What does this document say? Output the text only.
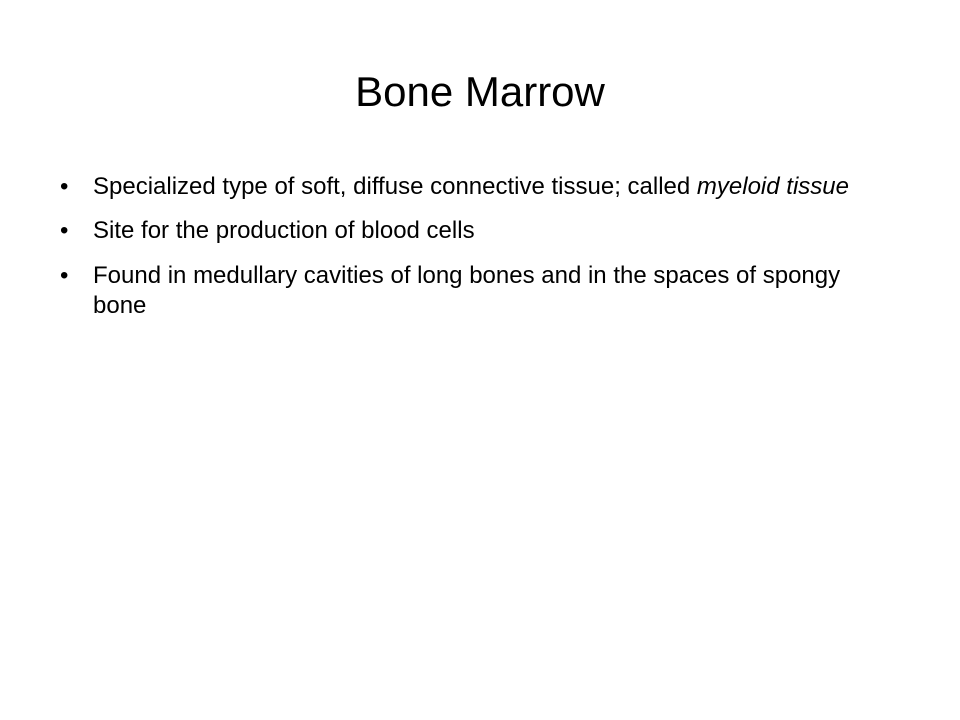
Bone Marrow
•	Specialized type of soft, diffuse connective tissue; called myeloid tissue
•	Site for the production of blood cells
•	Found in medullary cavities of long bones and in the spaces of spongy bone
